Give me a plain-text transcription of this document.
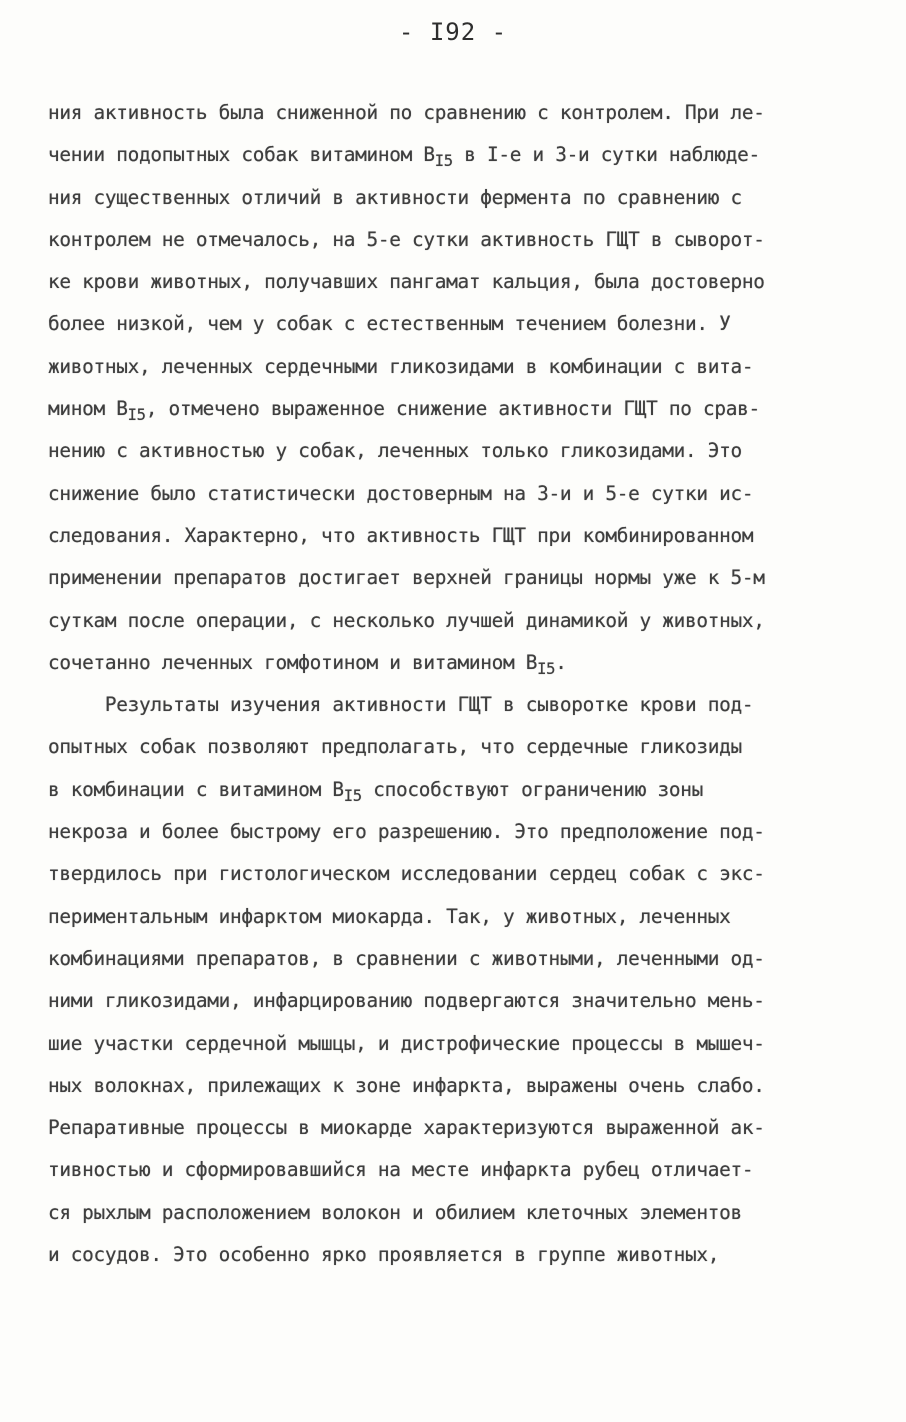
- I92 -
ния активность была сниженной по сравнению с контролем. При ле-
чении подопытных собак витамином $B_{I5}$ в I-е и 3-и сутки наблюде-
ния существенных отличий в активности фермента по сравнению с
контролем не отмечалось, на 5-е сутки активность ГЩТ в сыворот-
ке крови животных, получавших пангамат кальция, была достоверно
более низкой, чем у собак с естественным течением болезни. У
животных, леченных сердечными гликозидами в комбинации с вита-
мином $B_{I5}$, отмечено выраженное снижение активности ГЩТ по срав-
нению с активностью у собак, леченных только гликозидами. Это
снижение было статистически достоверным на 3-и и 5-е сутки ис-
следования. Характерно, что активность ГЩТ при комбинированном
применении препаратов достигает верхней границы нормы уже к 5-м
суткам после операции, с несколько лучшей динамикой у животных,
сочетанно леченных гомфотином и витамином $B_{I5}$.
Результаты изучения активности ГЩТ в сыворотке крови под-
опытных собак позволяют предполагать, что сердечные гликозиды
в комбинации с витамином $B_{I5}$ способствуют ограничению зоны
некроза и более быстрому его разрешению. Это предположение под-
твердилось при гистологическом исследовании сердец собак с экс-
периментальным инфарктом миокарда. Так, у животных, леченных
комбинациями препаратов, в сравнении с животными, леченными од-
ними гликозидами, инфарцированию подвергаются значительно мень-
шие участки сердечной мышцы, и дистрофические процессы в мышеч-
ных волокнах, прилежащих к зоне инфаркта, выражены очень слабо.
Репаративные процессы в миокарде характеризуются выраженной ак-
тивностью и сформировавшийся на месте инфаркта рубец отличает-
ся рыхлым расположением волокон и обилием клеточных элементов
и сосудов. Это особенно ярко проявляется в группе животных,
